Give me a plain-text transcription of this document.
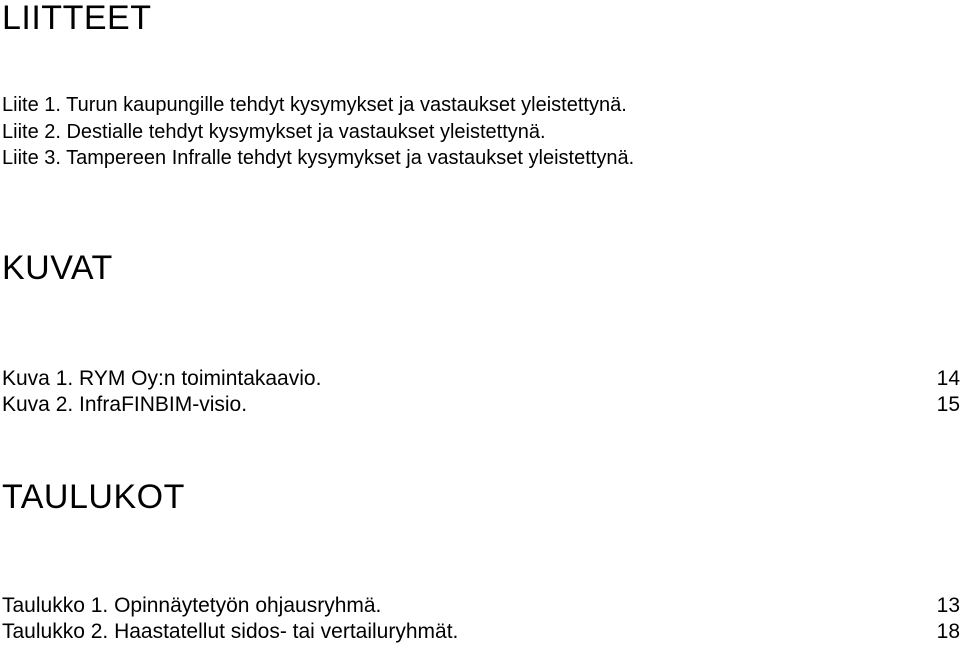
LIITTEET
Liite 1. Turun kaupungille tehdyt kysymykset ja vastaukset yleistettynä.
Liite 2. Destialle tehdyt kysymykset ja vastaukset yleistettynä.
Liite 3. Tampereen Infralle tehdyt kysymykset ja vastaukset yleistettynä.
KUVAT
Kuva 1. RYM Oy:n toimintakaavio.	14
Kuva 2. InfraFINBIM-visio.	15
TAULUKOT
Taulukko 1. Opinnäytetyön ohjausryhmä.	13
Taulukko 2. Haastatellut sidos- tai vertailuryhmät.	18
